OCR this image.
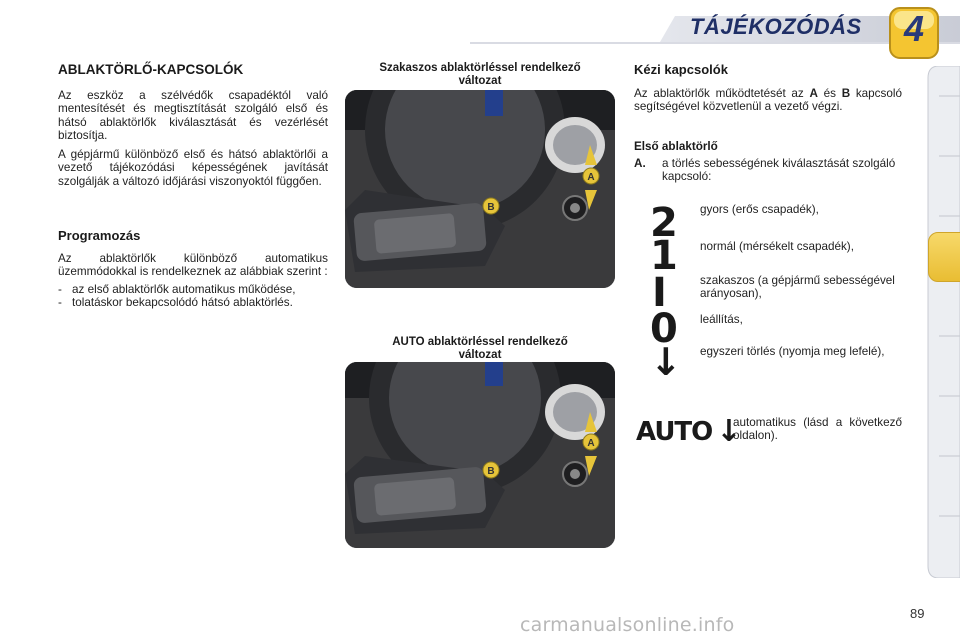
TÁJÉKOZÓDÁS 4
ABLAKTÖRLŐ-KAPCSOLÓK

Az eszköz a szélvédők csapadéktól való mentesítését és megtisztítását szolgáló első és hátsó ablaktörlők kiválasztását és vezérlését biztosítja.

A gépjármű különböző első és hátsó ablaktörlői a vezető tájékozódási képességének javítását szolgálják a változó időjárási viszonyoktól függően.

Programozás

Az ablaktörlők különböző automatikus üzemmódokkal is rendelkeznek az alábbiak szerint :

- az első ablaktörlők automatikus működése,
- tolatáskor bekapcsolódó hátsó ablaktörlés.
Szakaszos ablaktörléssel rendelkező változat
A
B
AUTO ablaktörléssel rendelkező változat
A
B
Kézi kapcsolók

Az ablaktörlők működtetését az A és B kapcsoló segítségével közvetlenül a vezető végzi.

Első ablaktörlő
A.	a törlés sebességének kiválasztását szolgáló kapcsoló:
2 gyors (erős csapadék),
1 normál (mérsékelt csapadék),
I	szakaszos (a gépjármű sebességével arányosan),
0 leállítás,
↓ egyszeri törlés (nyomja meg lefelé),
AUTO ↓
automatikus (lásd a következő oldalon).
89
carmanualsonline.info
